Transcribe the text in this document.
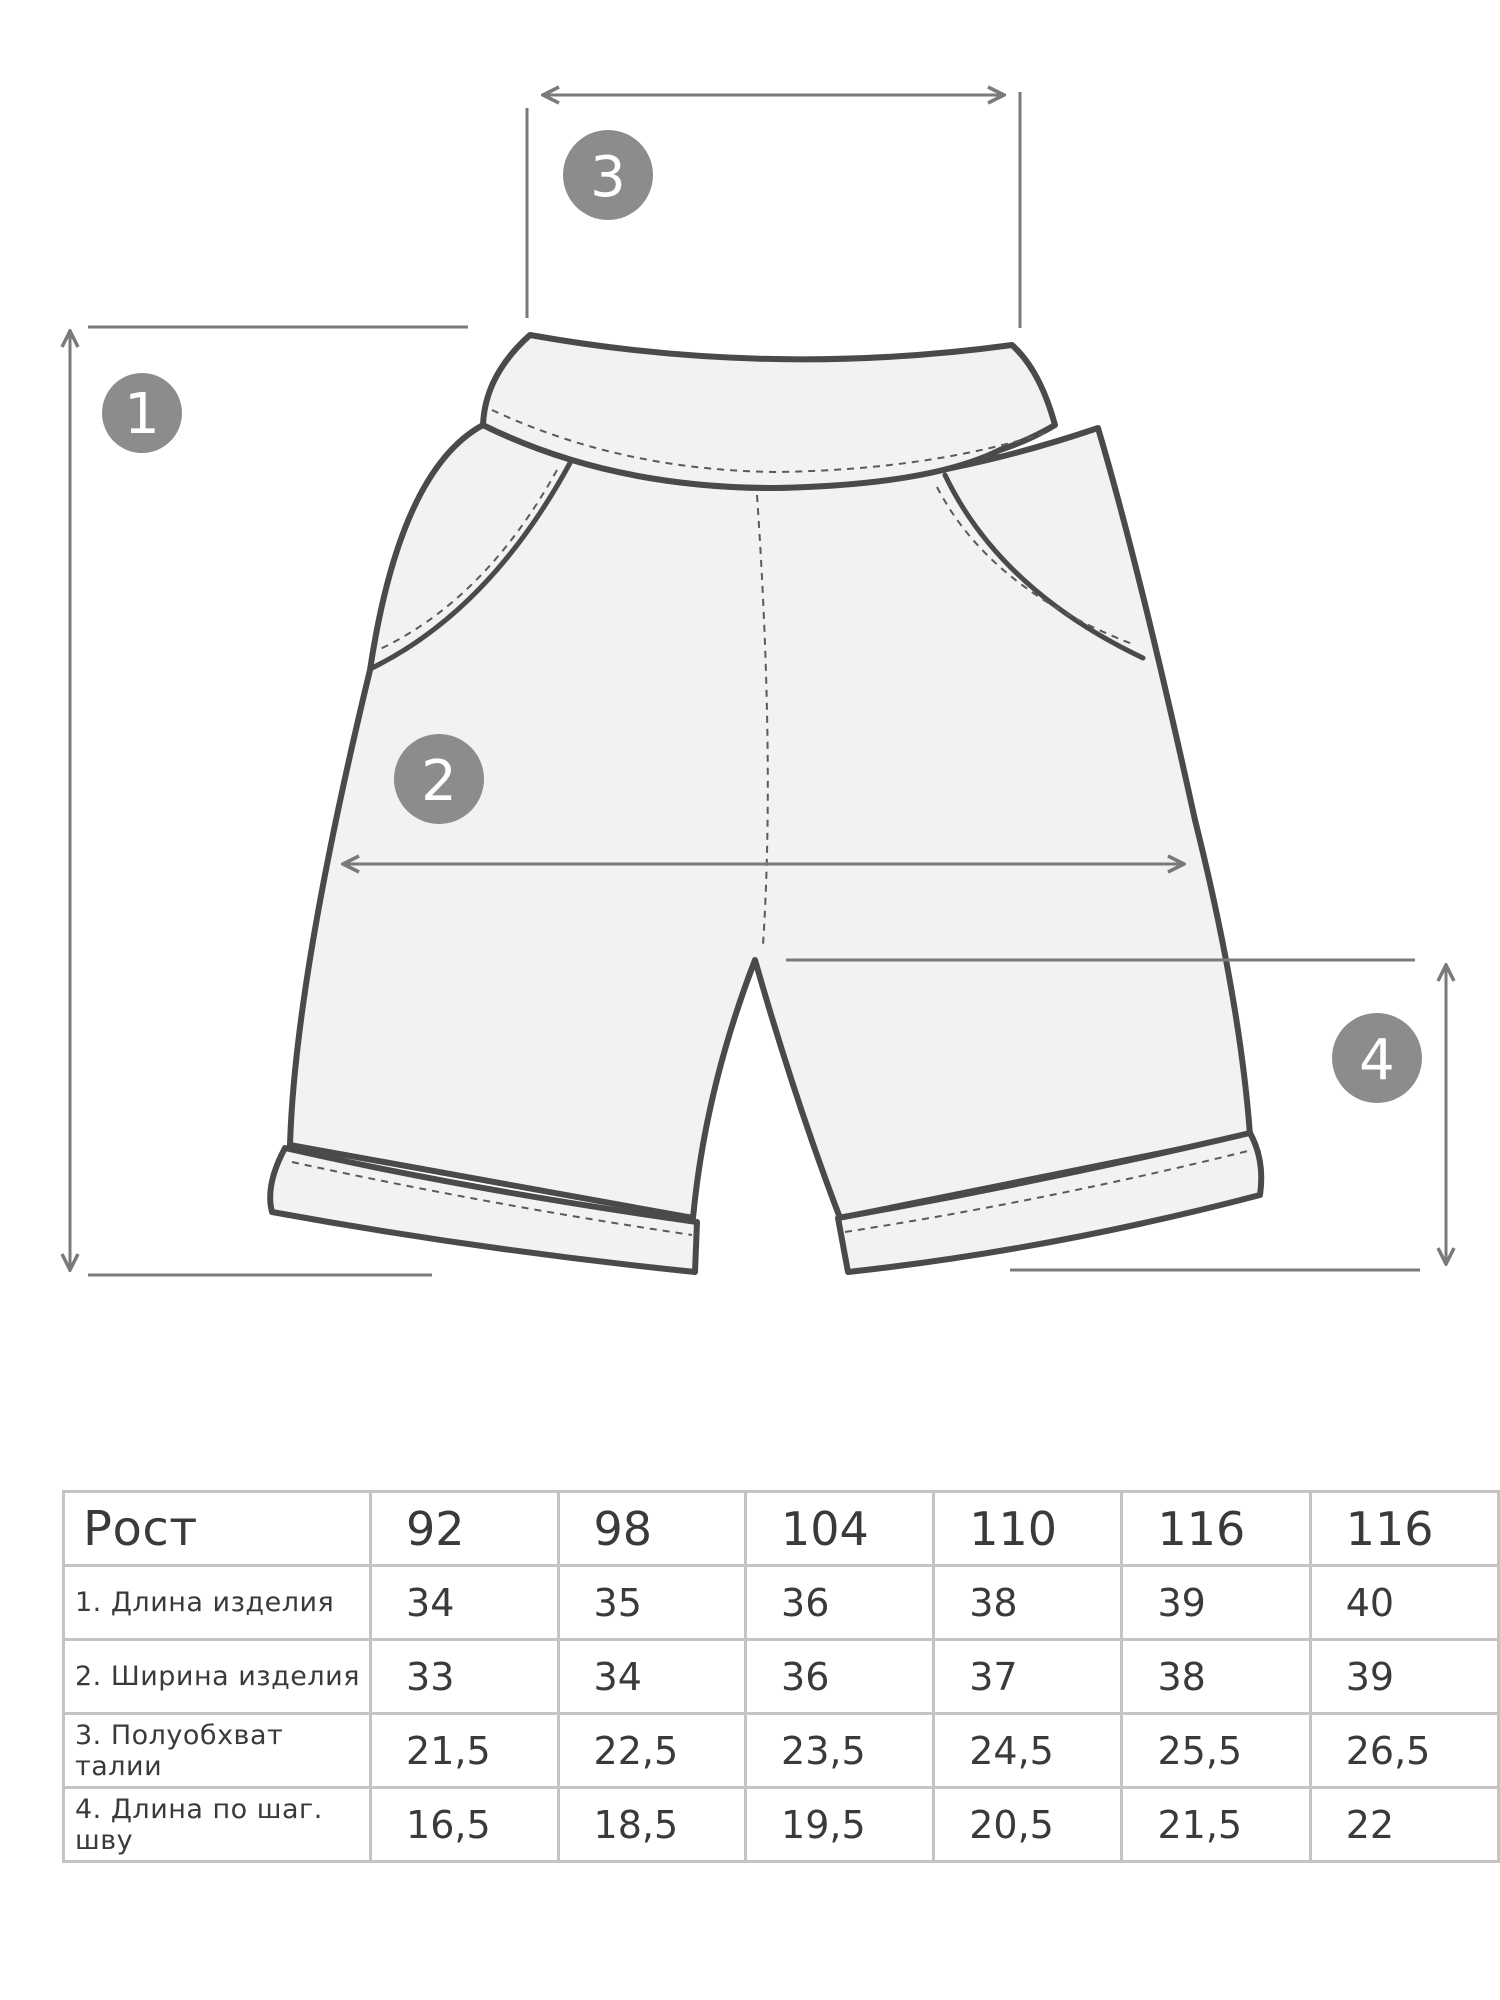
1
2
3
4
Рост	92	98	104	110	116	116
1. Длина изделия	34	35	36	38	39	40
2. Ширина изделия	33	34	36	37	38	39
3. Полуобхват талии	21,5	22,5	23,5	24,5	25,5	26,5
4. Длина по шаг. шву	16,5	18,5	19,5	20,5	21,5	22
